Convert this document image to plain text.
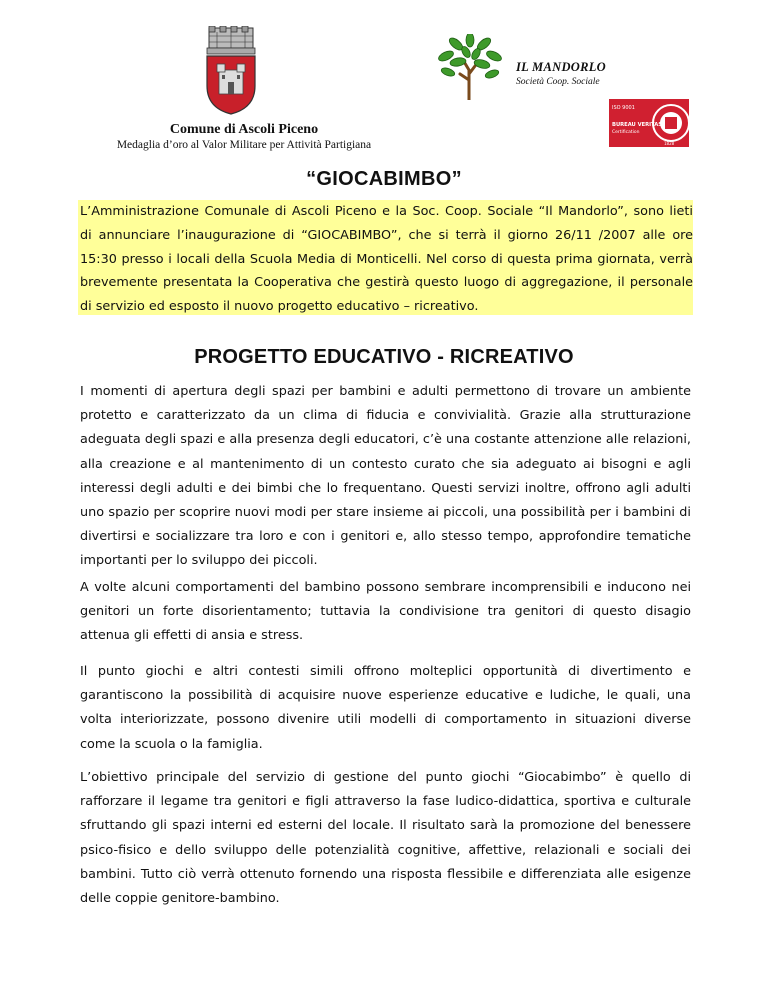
Comune di Ascoli Piceno
Medaglia d’oro al Valor Militare per Attività Partigiana
IL MANDORLO
Società Coop. Sociale
ISO 9001
BUREAU VERITAS
Certification
1828
“GIOCABIMBO”
L’Amministrazione Comunale di Ascoli Piceno e la Soc. Coop. Sociale “Il Mandorlo”, sono lieti
di annunciare l’inaugurazione di “GIOCABIMBO”, che si terrà il giorno 26/11 /2007 alle ore
15:30 presso i locali della Scuola Media di Monticelli. Nel corso di questa prima giornata, verrà
brevemente presentata la Cooperativa che gestirà questo luogo di aggregazione, il personale
di servizio ed esposto il nuovo progetto educativo – ricreativo.
PROGETTO EDUCATIVO - RICREATIVO
I momenti di apertura degli spazi per bambini e adulti permettono di trovare un ambiente
protetto e caratterizzato da un clima di fiducia e convivialità. Grazie alla strutturazione
adeguata degli spazi e alla presenza degli educatori, c’è una costante attenzione alle relazioni,
alla creazione e al mantenimento di un contesto curato che sia adeguato ai bisogni e agli
interessi degli adulti e dei bimbi che lo frequentano. Questi servizi inoltre, offrono agli adulti
uno spazio per scoprire nuovi modi per stare insieme ai piccoli, una possibilità per i bambini di
divertirsi e socializzare tra loro e con i genitori e, allo stesso tempo, approfondire tematiche
importanti per lo sviluppo dei piccoli.
A volte alcuni comportamenti del bambino possono sembrare incomprensibili e inducono nei
genitori un forte disorientamento; tuttavia la condivisione tra genitori di questo disagio
attenua gli effetti di ansia e stress.
Il punto giochi e altri contesti simili offrono molteplici opportunità di divertimento e
garantiscono la possibilità di acquisire nuove esperienze educative e ludiche, le quali, una
volta interiorizzate, possono divenire utili modelli di comportamento in situazioni diverse
come la scuola o la famiglia.
L’obiettivo principale del servizio di gestione del punto giochi “Giocabimbo” è quello di
rafforzare il legame tra genitori e figli attraverso la fase ludico-didattica, sportiva e culturale
sfruttando gli spazi interni ed esterni del locale. Il risultato sarà la promozione del benessere
psico-fisico e dello sviluppo delle potenzialità cognitive, affettive, relazionali e sociali dei
bambini. Tutto ciò verrà ottenuto fornendo una risposta flessibile e differenziata alle esigenze
delle coppie genitore-bambino.
